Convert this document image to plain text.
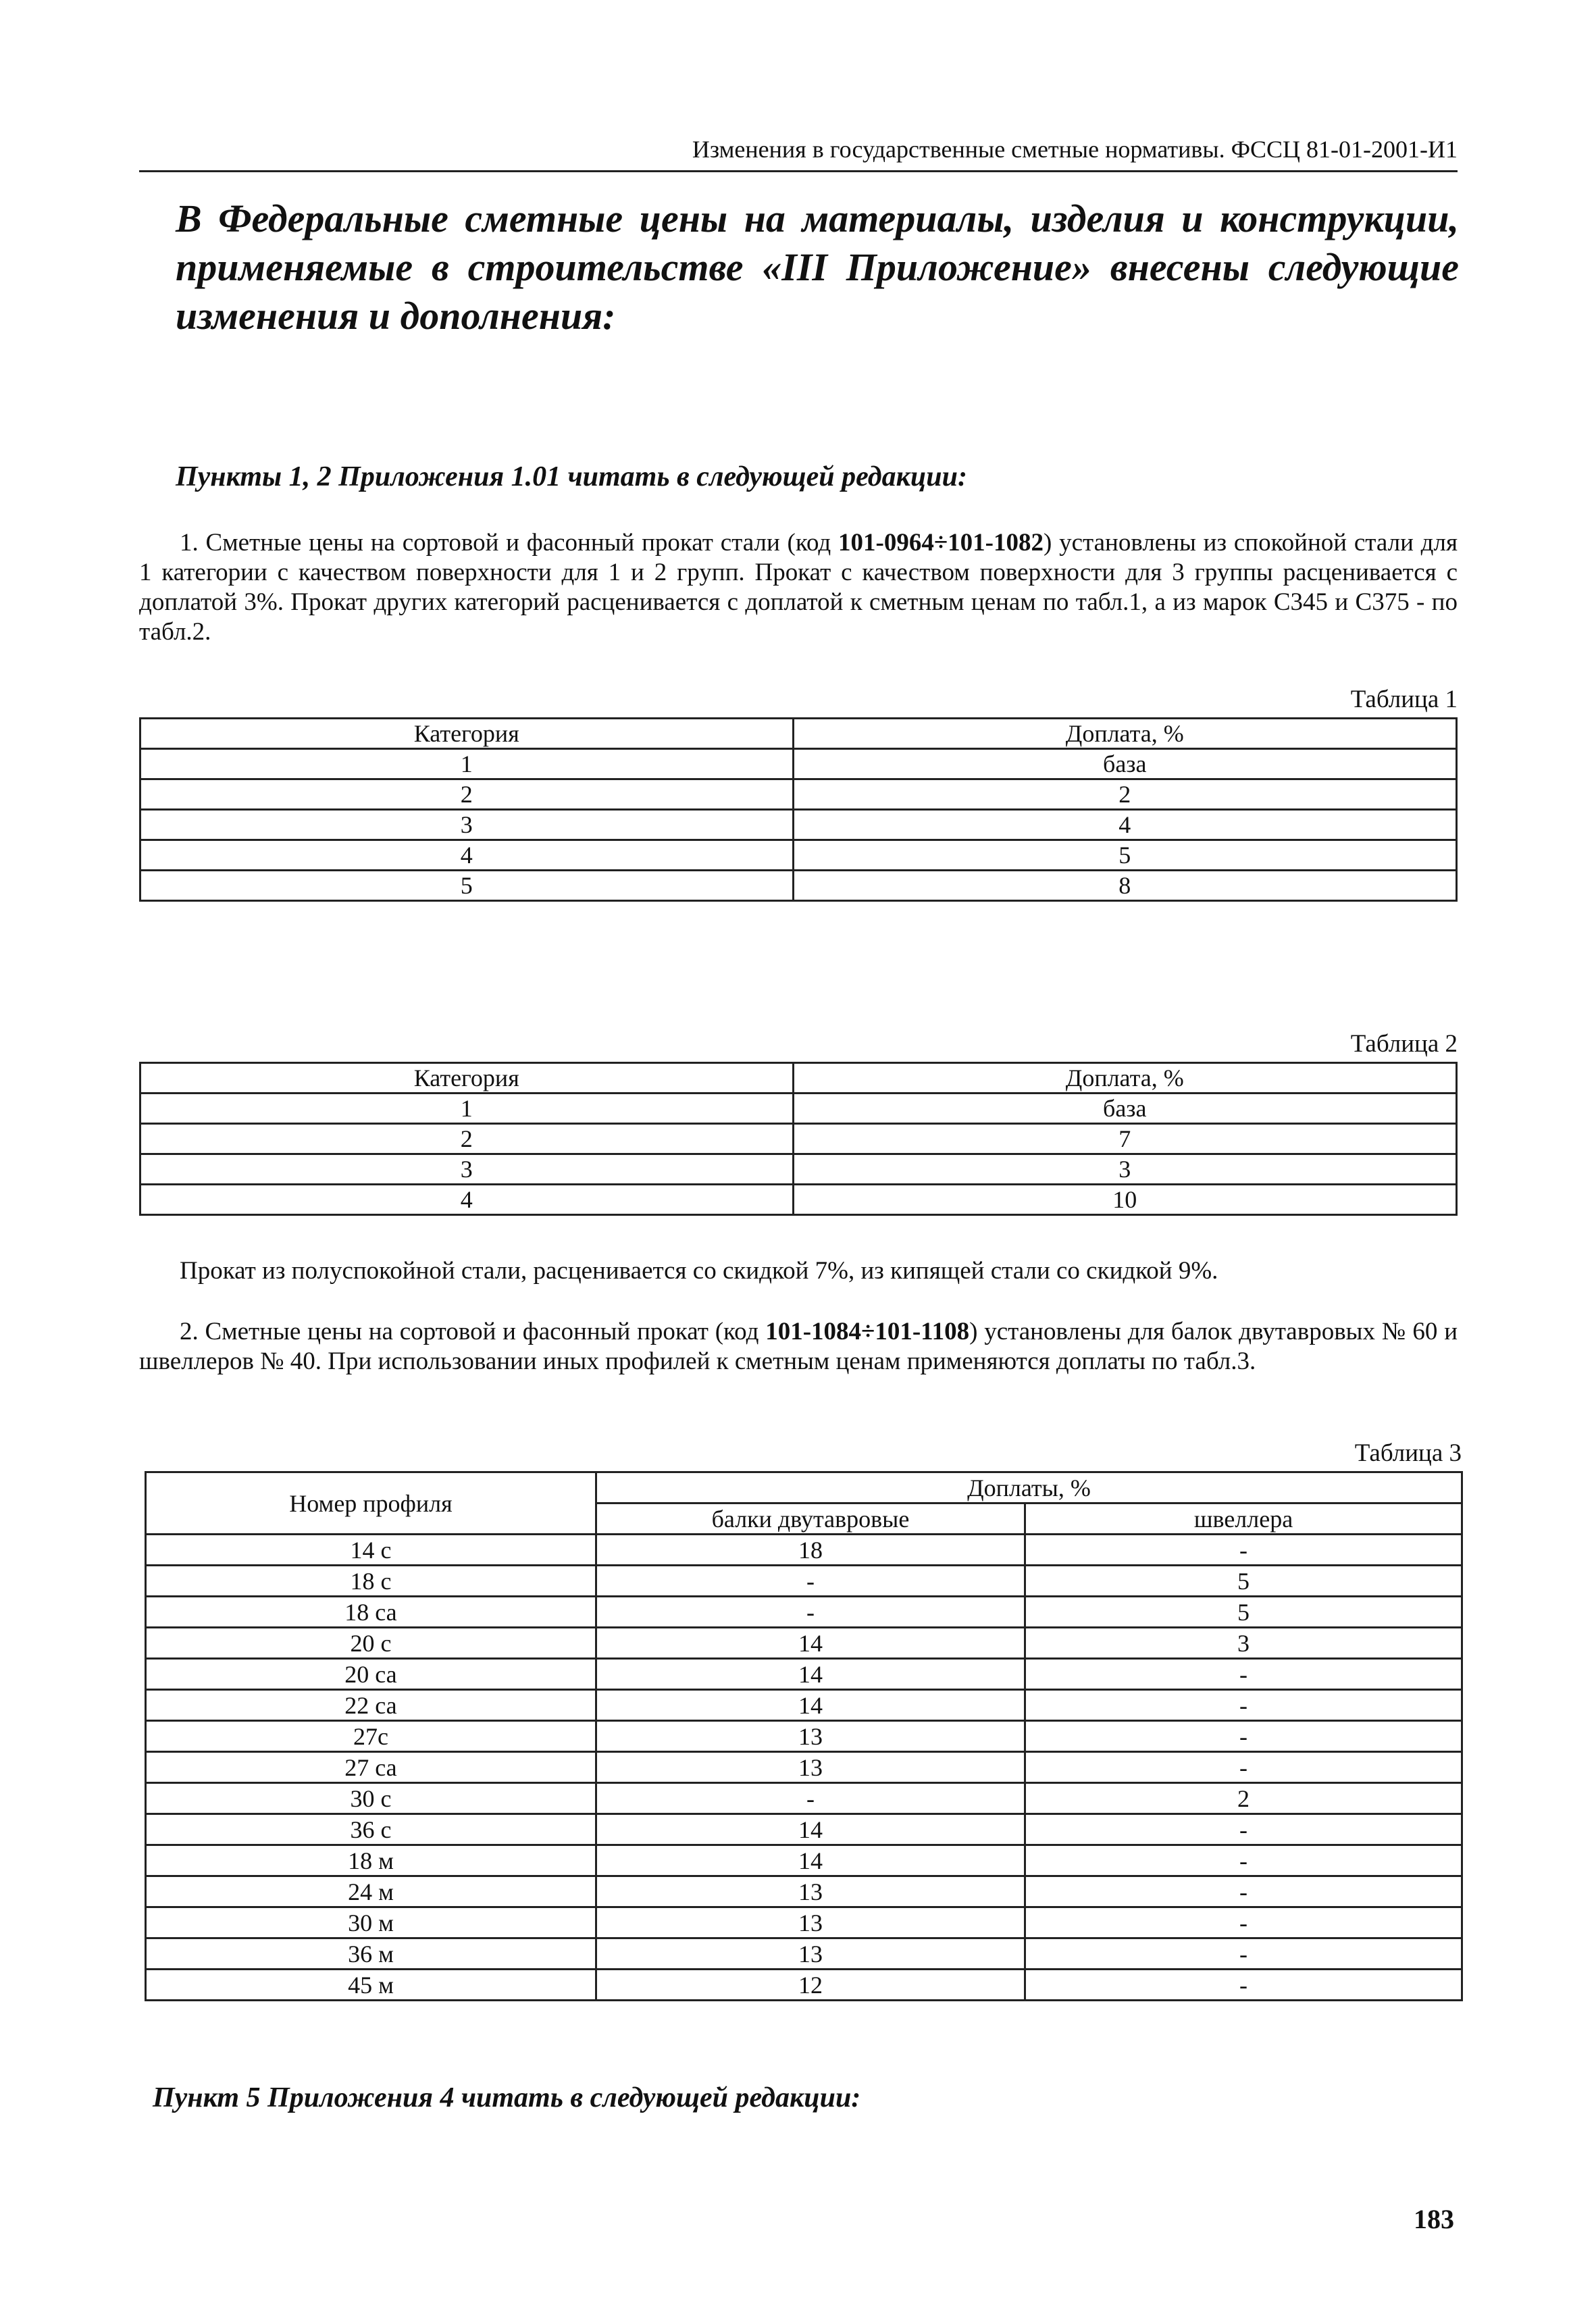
Изменения в государственные сметные нормативы. ФССЦ 81-01-2001-И1
В Федеральные сметные цены на материалы, изделия и конструкции, применяемые в строительстве «III Приложение» внесены следующие изменения и дополнения:
Пункты 1, 2 Приложения 1.01 читать в следующей редакции:

1. Сметные цены на сортовой и фасонный прокат стали (код 101-0964÷101-1082) установлены из спокойной стали для 1 категории с качеством поверхности для 1 и 2 групп. Прокат с качеством поверхности для 3 группы расценивается с доплатой 3%. Прокат других категорий расценивается с доплатой к сметным ценам по табл.1, а из марок С345 и С375 - по табл.2.

Таблица 1
Категория	Доплата, %
1	база
2	2
3	4
4	5
5	8
Таблица 2
Категория	Доплата, %
1	база
2	7
3	3
4	10

Прокат из полуспокойной стали, расценивается со скидкой 7%, из кипящей стали со скидкой 9%.

2. Сметные цены на сортовой и фасонный прокат (код 101-1084÷101-1108) установлены для балок двутавровых № 60 и швеллеров № 40. При использовании иных профилей к сметным ценам применяются доплаты по табл.3.

Таблица 3
Номер профиля	Доплаты, %	
	балки двутавровые	швеллера
14 с	18	-
18 с	-	5
18 са	-	5
20 с	14	3
20 са	14	-
22 са	14	-
27с	13	-
27 са	13	-
30 с	-	2
36 с	14	-
18 м	14	-
24 м	13	-
30 м	13	-
36 м	13	-
45 м	12	-
Пункт 5 Приложения 4 читать в следующей редакции:
183
